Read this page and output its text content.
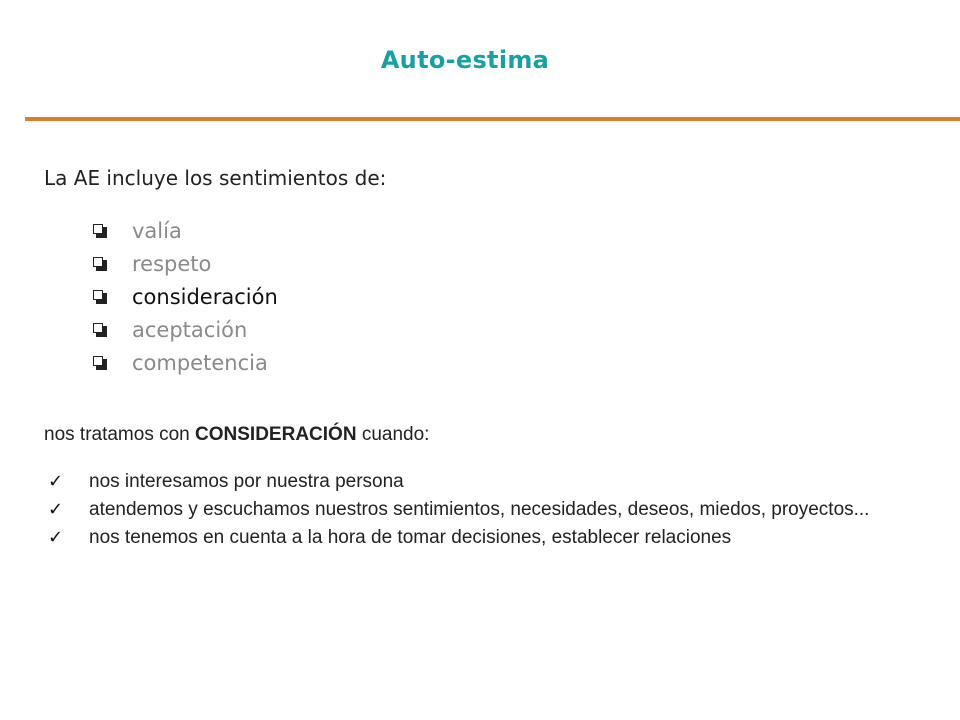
Auto-estima
La AE incluye los sentimientos de:
valía
respeto
consideración
aceptación
competencia
nos tratamos con CONSIDERACIÓN cuando:
✓ nos interesamos por nuestra persona
✓ atendemos y escuchamos nuestros sentimientos, necesidades, deseos, miedos, proyectos...
✓ nos tenemos en cuenta a la hora de tomar decisiones, establecer relaciones
